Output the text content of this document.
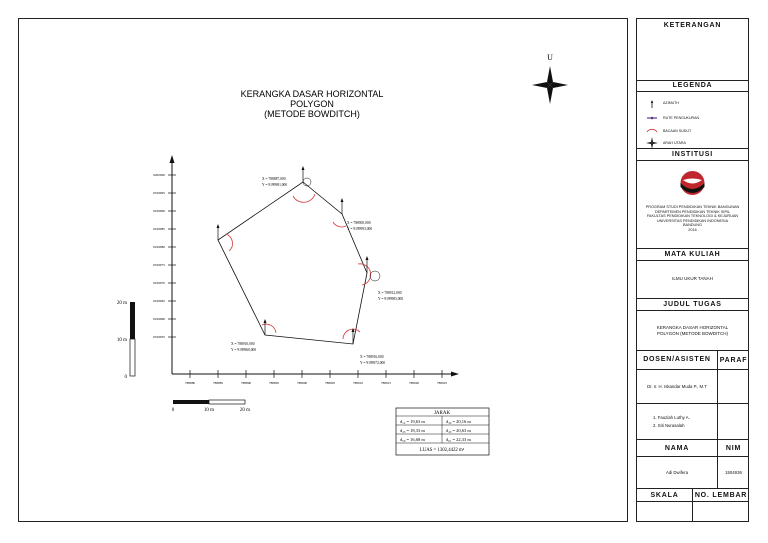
KERANGKA DASAR HORIZONTAL
POLYGON
(METODE BOWDITCH)
U
9200000
9199995
9199990
9199985
9199980
9199975
9199970
9199965
9199960
9199955
788880	788885	788890	788895	788900	788905	788910	788915	788920	788925
20 m
10 m
0
0	10 m	20 m
X = 788887,000
Y = 9199981,000
X = 788905,000
Y = 9199993,000
X = 788912,000
Y = 9199985,000
X = 788916,000
Y = 9199972,000
X = 788910,000
Y = 9199960,000
JARAK
d₁₂ = 19,63 m	d₃₄ = 20,16 m
d₂₃ = 18,33 m	d₄₅ = 20,63 m
d₅₆ = 16,68 m	d₆₁ = 22,33 m
LUAS = 1302,4422 m²
KETERANGAN
LEGENDA
AZIMUTH
RUTE PENGUKURAN
BACAAN SUDUT
ARAH UTARA
INSTITUSI
PROGRAM STUDI PENDIDIKAN TEKNIK BANGUNAN
DEPARTEMEN PENDIDIKAN TEKNIK SIPIL
FAKULTAS PENDIDIKAN TEKNOLOGI & KEJURUAN
UNIVERSITAS PENDIDIKAN INDONESIA
BANDUNG
2016
MATA KULIAH
ILMU UKUR TANAH
JUDUL TUGAS
KERANGKA DASAR HORIZONTAL
POLYGON (METODE BOWDITCH)
DOSEN/ASISTEN	PARAF
Dr. Ir. H. Iskandar Muda P., M.T
1. Fauziah Luthy A.
2. Siti Nurasalah
NAMA	NIM
Adi Dwifera	1504936
SKALA	NO. LEMBAR
